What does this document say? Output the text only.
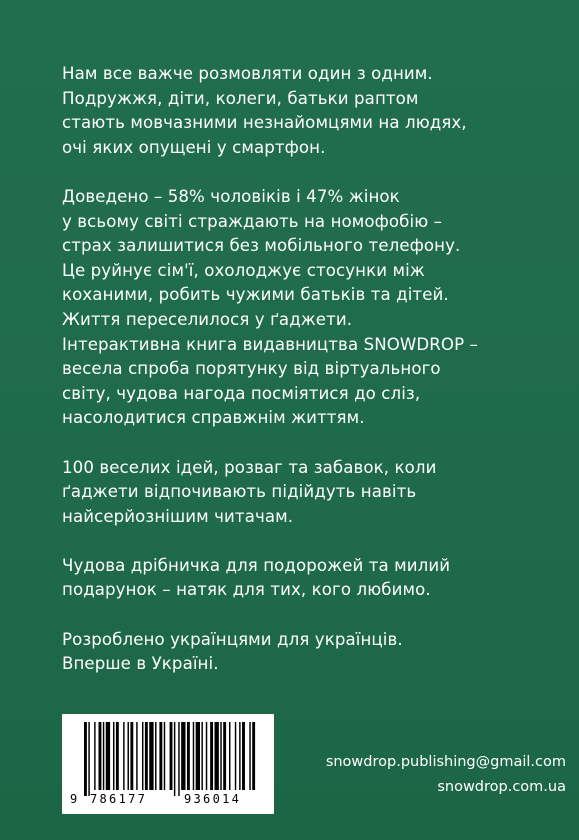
Нам все важче розмовляти один з одним.
Подружжя, діти, колеги, батьки раптом
стають мовчазними незнайомцями на людях,
очі яких опущені у смартфон.

Доведено – 58% чоловіків і 47% жінок
у всьому світі страждають на номофобію –
страх залишитися без мобільного телефону.
Це руйнує сім'ї, охолоджує стосунки між
коханими, робить чужими батьків та дітей.
Життя переселилося у ґаджети.
Інтерактивна книга видавництва SNOWDROP –
весела спроба порятунку від віртуального
світу, чудова нагода посміятися до сліз,
насолодитися справжнім життям.

100 веселих ідей, розваг та забавок, коли
ґаджети відпочивають підійдуть навіть
найсерйознішим читачам.

Чудова дрібничка для подорожей та милий
подарунок – натяк для тих, кого любимо.

Розроблено українцями для українців.
Вперше в Україні.

9 786177	936014
snowdrop.publishing@gmail.com
snowdrop.com.ua
